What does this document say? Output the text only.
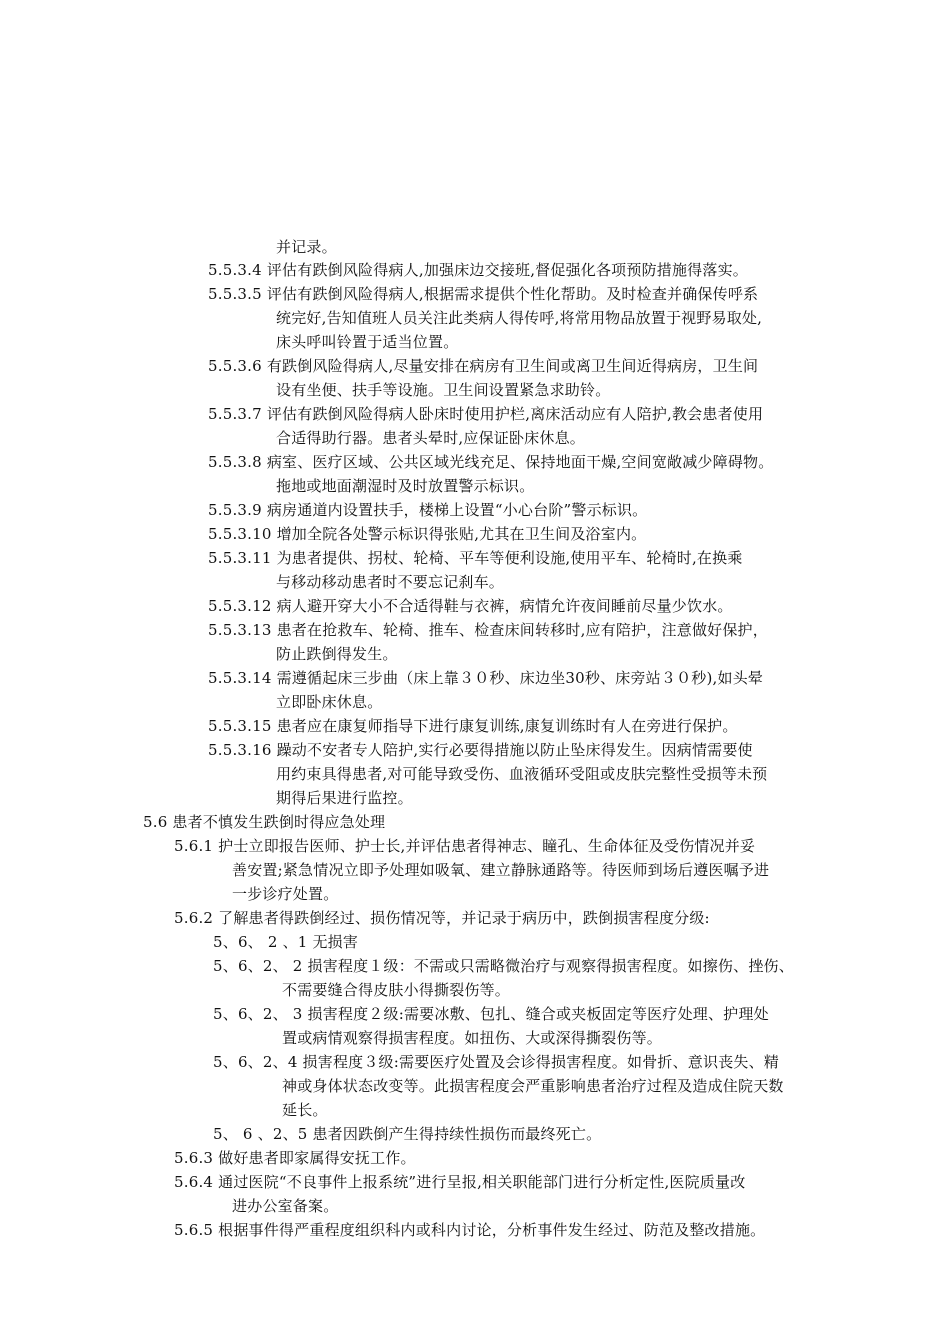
并记录。
5.5.3.4 评估有跌倒风险得病人,加强床边交接班,督促强化各项预防措施得落实。
5.5.3.5 评估有跌倒风险得病人,根据需求提供个性化帮助。及时检查并确保传呼系
统完好,告知值班人员关注此类病人得传呼,将常用物品放置于视野易取处,
床头呼叫铃置于适当位置。
5.5.3.6 有跌倒风险得病人,尽量安排在病房有卫生间或离卫生间近得病房，卫生间
设有坐便、扶手等设施。卫生间设置紧急求助铃。
5.5.3.7 评估有跌倒风险得病人卧床时使用护栏,离床活动应有人陪护,教会患者使用
合适得助行器。患者头晕时,应保证卧床休息。
5.5.3.8 病室、医疗区域、公共区域光线充足、保持地面干燥,空间宽敞减少障碍物。
拖地或地面潮湿时及时放置警示标识。
5.5.3.9 病房通道内设置扶手，楼梯上设置“小心台阶”警示标识。
5.5.3.10 增加全院各处警示标识得张贴,尤其在卫生间及浴室内。
5.5.3.11 为患者提供、拐杖、轮椅、平车等便利设施,使用平车、轮椅时,在换乘
与移动移动患者时不要忘记刹车。
5.5.3.12 病人避开穿大小不合适得鞋与衣裤，病情允许夜间睡前尽量少饮水。
5.5.3.13 患者在抢救车、轮椅、推车、检查床间转移时,应有陪护，注意做好保护，
防止跌倒得发生。
5.5.3.14 需遵循起床三步曲（床上靠３０秒、床边坐30秒、床旁站３０秒),如头晕
立即卧床休息。
5.5.3.15 患者应在康复师指导下进行康复训练,康复训练时有人在旁进行保护。
5.5.3.16 躁动不安者专人陪护,实行必要得措施以防止坠床得发生。因病情需要使
用约束具得患者,对可能导致受伤、血液循环受阻或皮肤完整性受损等未预
期得后果进行监控。
5.6 患者不慎发生跌倒时得应急处理
5.6.1 护士立即报告医师、护士长,并评估患者得神志、瞳孔、生命体征及受伤情况并妥
善安置;紧急情况立即予处理如吸氧、建立静脉通路等。待医师到场后遵医嘱予进
一步诊疗处置。
5.6.2 了解患者得跌倒经过、损伤情况等，并记录于病历中，跌倒损害程度分级:
5、6、 2 、1 无损害
5、6、2、 2 损害程度１级：不需或只需略微治疗与观察得损害程度。如擦伤、挫伤、
不需要缝合得皮肤小得撕裂伤等。
5、6、2、 3 损害程度２级:需要冰敷、包扎、缝合或夹板固定等医疗处理、护理处
置或病情观察得损害程度。如扭伤、大或深得撕裂伤等。
5、6、2、4 损害程度３级:需要医疗处置及会诊得损害程度。如骨折、意识丧失、精
神或身体状态改变等。此损害程度会严重影响患者治疗过程及造成住院天数
延长。
5、 6 、2、5 患者因跌倒产生得持续性损伤而最终死亡。
5.6.3 做好患者即家属得安抚工作。
5.6.4 通过医院“不良事件上报系统”进行呈报,相关职能部门进行分析定性,医院质量改
进办公室备案。
5.6.5 根据事件得严重程度组织科内或科内讨论，分析事件发生经过、防范及整改措施。
